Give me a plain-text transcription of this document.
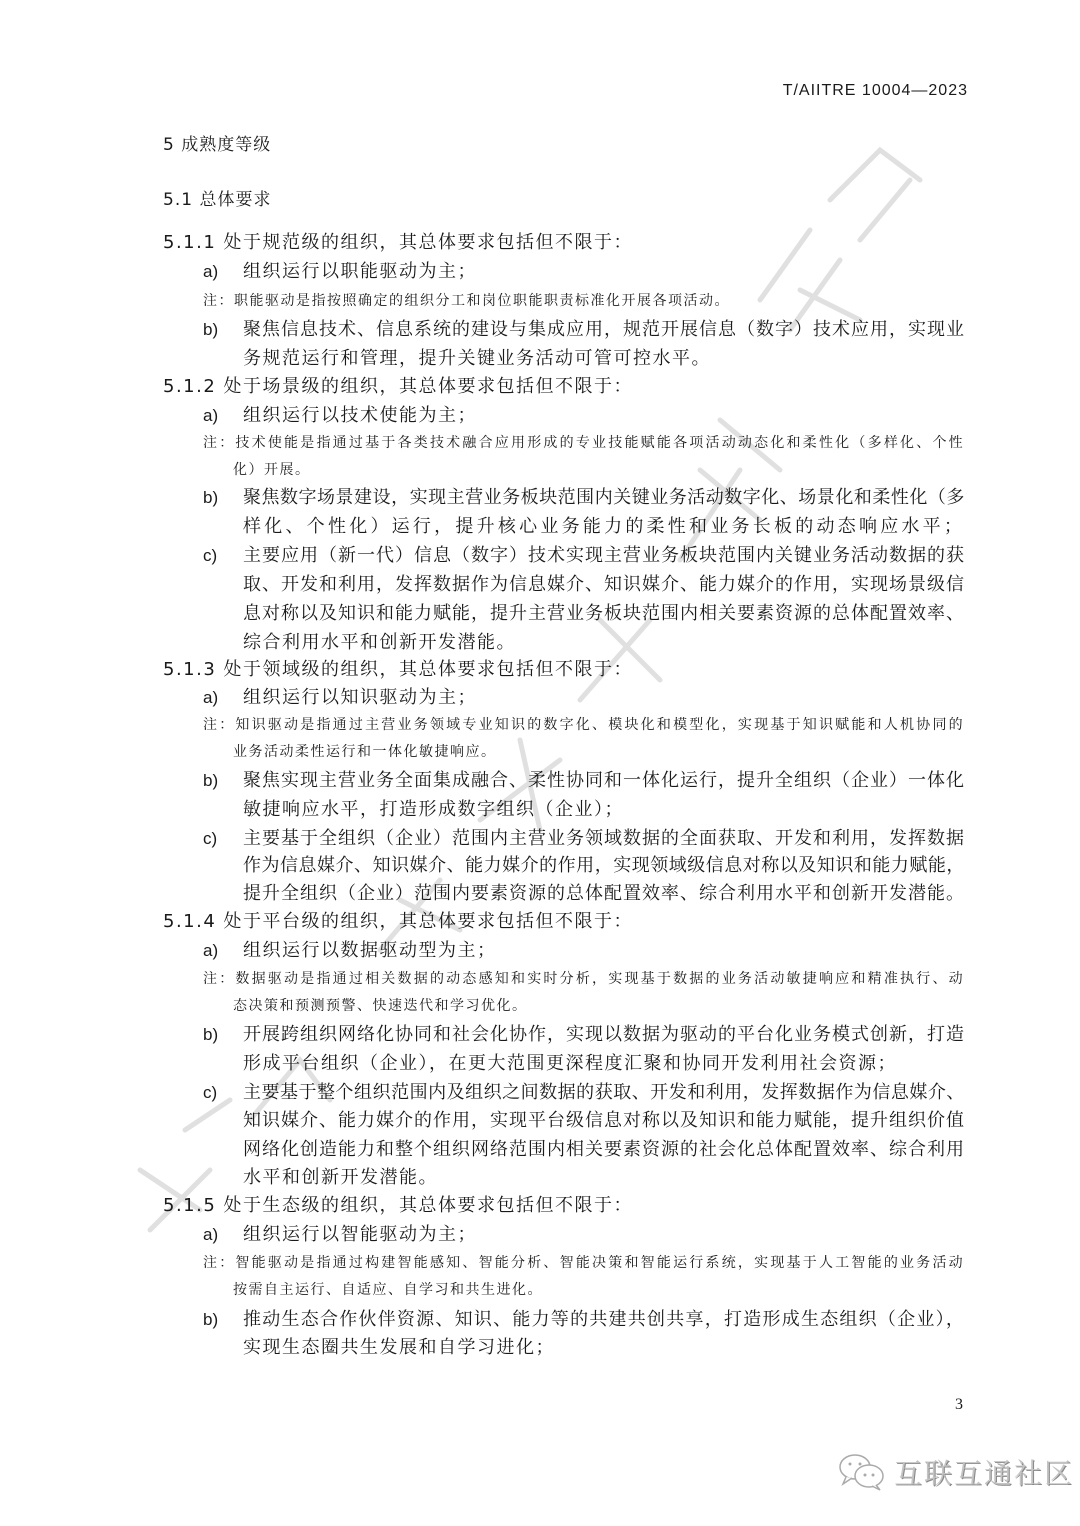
T/AIITRE 10004—2023
5 成熟度等级
5.1 总体要求
5.1.1 处于规范级的组织，其总体要求包括但不限于：
组织运行以职能驱动为主；
a)
注：职能驱动是指按照确定的组织分工和岗位职能职责标准化开展各项活动。
聚焦信息技术、信息系统的建设与集成应用，规范开展信息（数字）技术应用，实现业
b)
务规范运行和管理，提升关键业务活动可管可控水平。
5.1.2 处于场景级的组织，其总体要求包括但不限于：
组织运行以技术使能为主；
a)
注：技术使能是指通过基于各类技术融合应用形成的专业技能赋能各项活动动态化和柔性化（多样化、个性
化）开展。
聚焦数字场景建设，实现主营业务板块范围内关键业务活动数字化、场景化和柔性化（多
b)
样化、个性化）运行，提升核心业务能力的柔性和业务长板的动态响应水平；
主要应用（新一代）信息（数字）技术实现主营业务板块范围内关键业务活动数据的获
c)
取、开发和利用，发挥数据作为信息媒介、知识媒介、能力媒介的作用，实现场景级信
息对称以及知识和能力赋能，提升主营业务板块范围内相关要素资源的总体配置效率、
综合利用水平和创新开发潜能。
5.1.3 处于领域级的组织，其总体要求包括但不限于：
组织运行以知识驱动为主；
a)
注：知识驱动是指通过主营业务领域专业知识的数字化、模块化和模型化，实现基于知识赋能和人机协同的
业务活动柔性运行和一体化敏捷响应。
聚焦实现主营业务全面集成融合、柔性协同和一体化运行，提升全组织（企业）一体化
b)
敏捷响应水平，打造形成数字组织（企业）；
主要基于全组织（企业）范围内主营业务领域数据的全面获取、开发和利用，发挥数据
c)
作为信息媒介、知识媒介、能力媒介的作用，实现领域级信息对称以及知识和能力赋能，
提升全组织（企业）范围内要素资源的总体配置效率、综合利用水平和创新开发潜能。
5.1.4 处于平台级的组织，其总体要求包括但不限于：
组织运行以数据驱动型为主；
a)
注：数据驱动是指通过相关数据的动态感知和实时分析，实现基于数据的业务活动敏捷响应和精准执行、动
态决策和预测预警、快速迭代和学习优化。
开展跨组织网络化协同和社会化协作，实现以数据为驱动的平台化业务模式创新，打造
b)
形成平台组织（企业），在更大范围更深程度汇聚和协同开发利用社会资源；
主要基于整个组织范围内及组织之间数据的获取、开发和利用，发挥数据作为信息媒介、
c)
知识媒介、能力媒介的作用，实现平台级信息对称以及知识和能力赋能，提升组织价值
网络化创造能力和整个组织网络范围内相关要素资源的社会化总体配置效率、综合利用
水平和创新开发潜能。
5.1.5 处于生态级的组织，其总体要求包括但不限于：
组织运行以智能驱动为主；
a)
注：智能驱动是指通过构建智能感知、智能分析、智能决策和智能运行系统，实现基于人工智能的业务活动
按需自主运行、自适应、自学习和共生进化。
推动生态合作伙伴资源、知识、能力等的共建共创共享，打造形成生态组织（企业），
b)
实现生态圈共生发展和自学习进化；
3
互联互通社区
